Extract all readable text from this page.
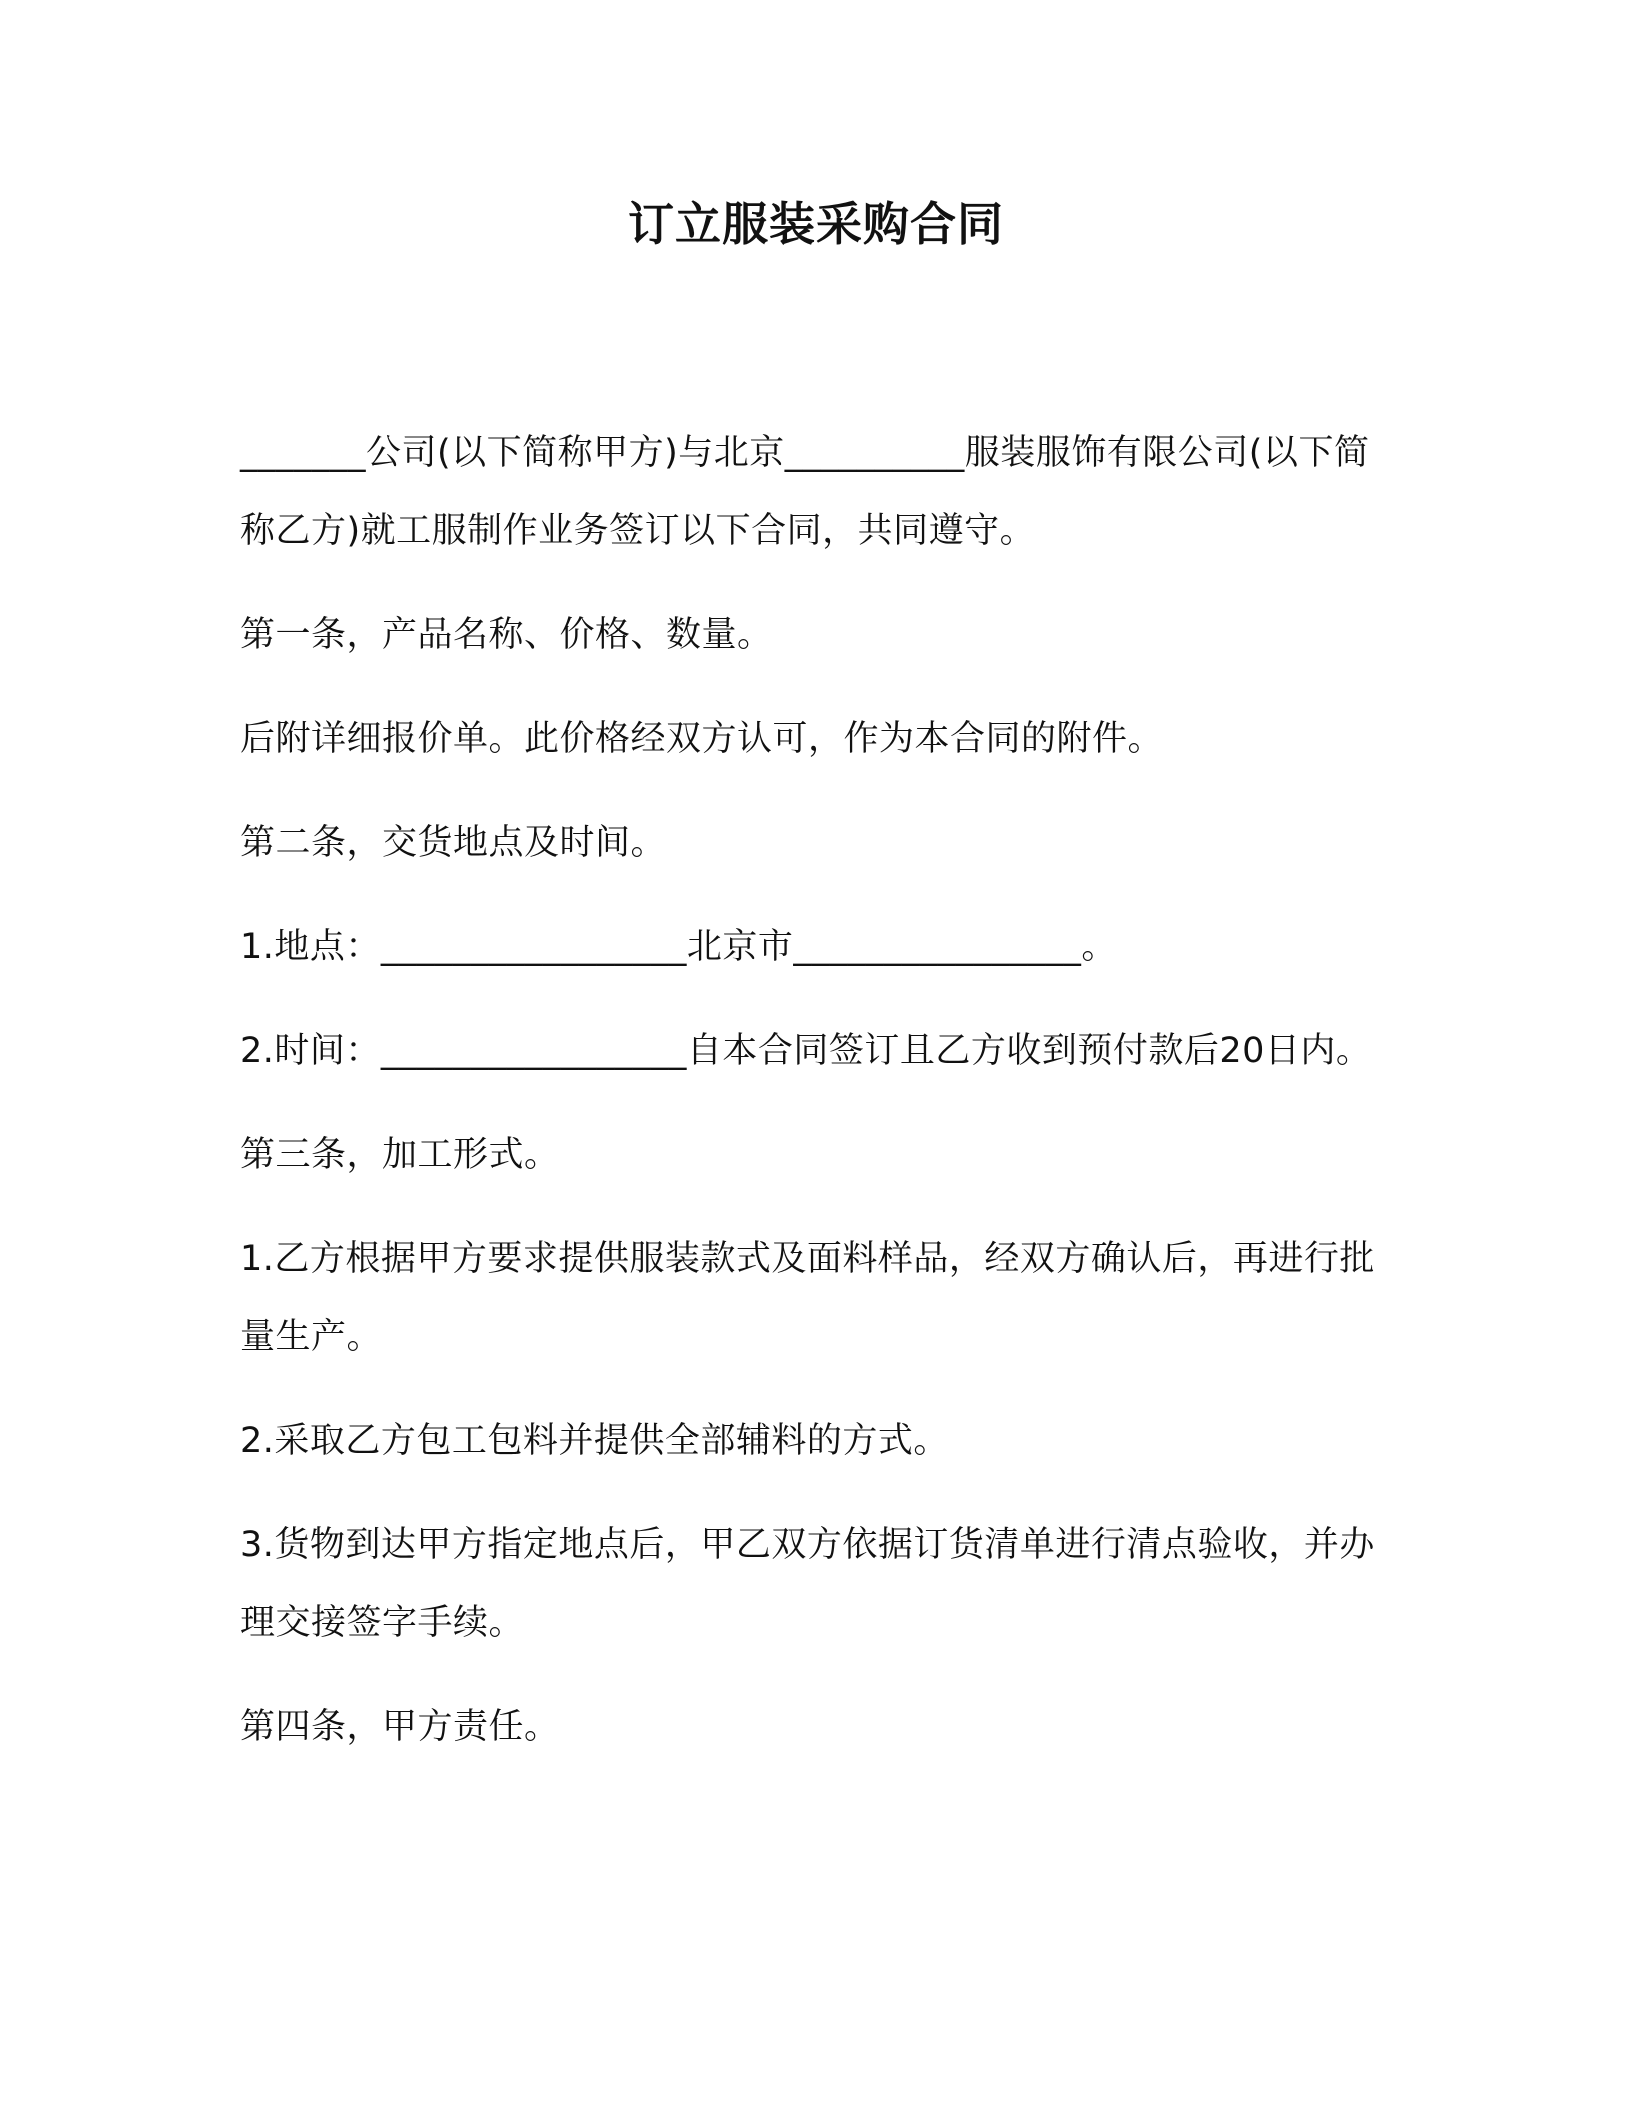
订立服装采购合同

_______公司(以下简称甲方)与北京__________服装服饰有限公司(以下简称乙方)就工服制作业务签订以下合同，共同遵守。

第一条，产品名称、价格、数量。

后附详细报价单。此价格经双方认可，作为本合同的附件。

第二条，交货地点及时间。

1.地点：_________________北京市________________。

2.时间：_________________自本合同签订且乙方收到预付款后20日内。

第三条，加工形式。

1.乙方根据甲方要求提供服装款式及面料样品，经双方确认后，再进行批量生产。

2.采取乙方包工包料并提供全部辅料的方式。

3.货物到达甲方指定地点后，甲乙双方依据订货清单进行清点验收，并办理交接签字手续。

第四条，甲方责任。
